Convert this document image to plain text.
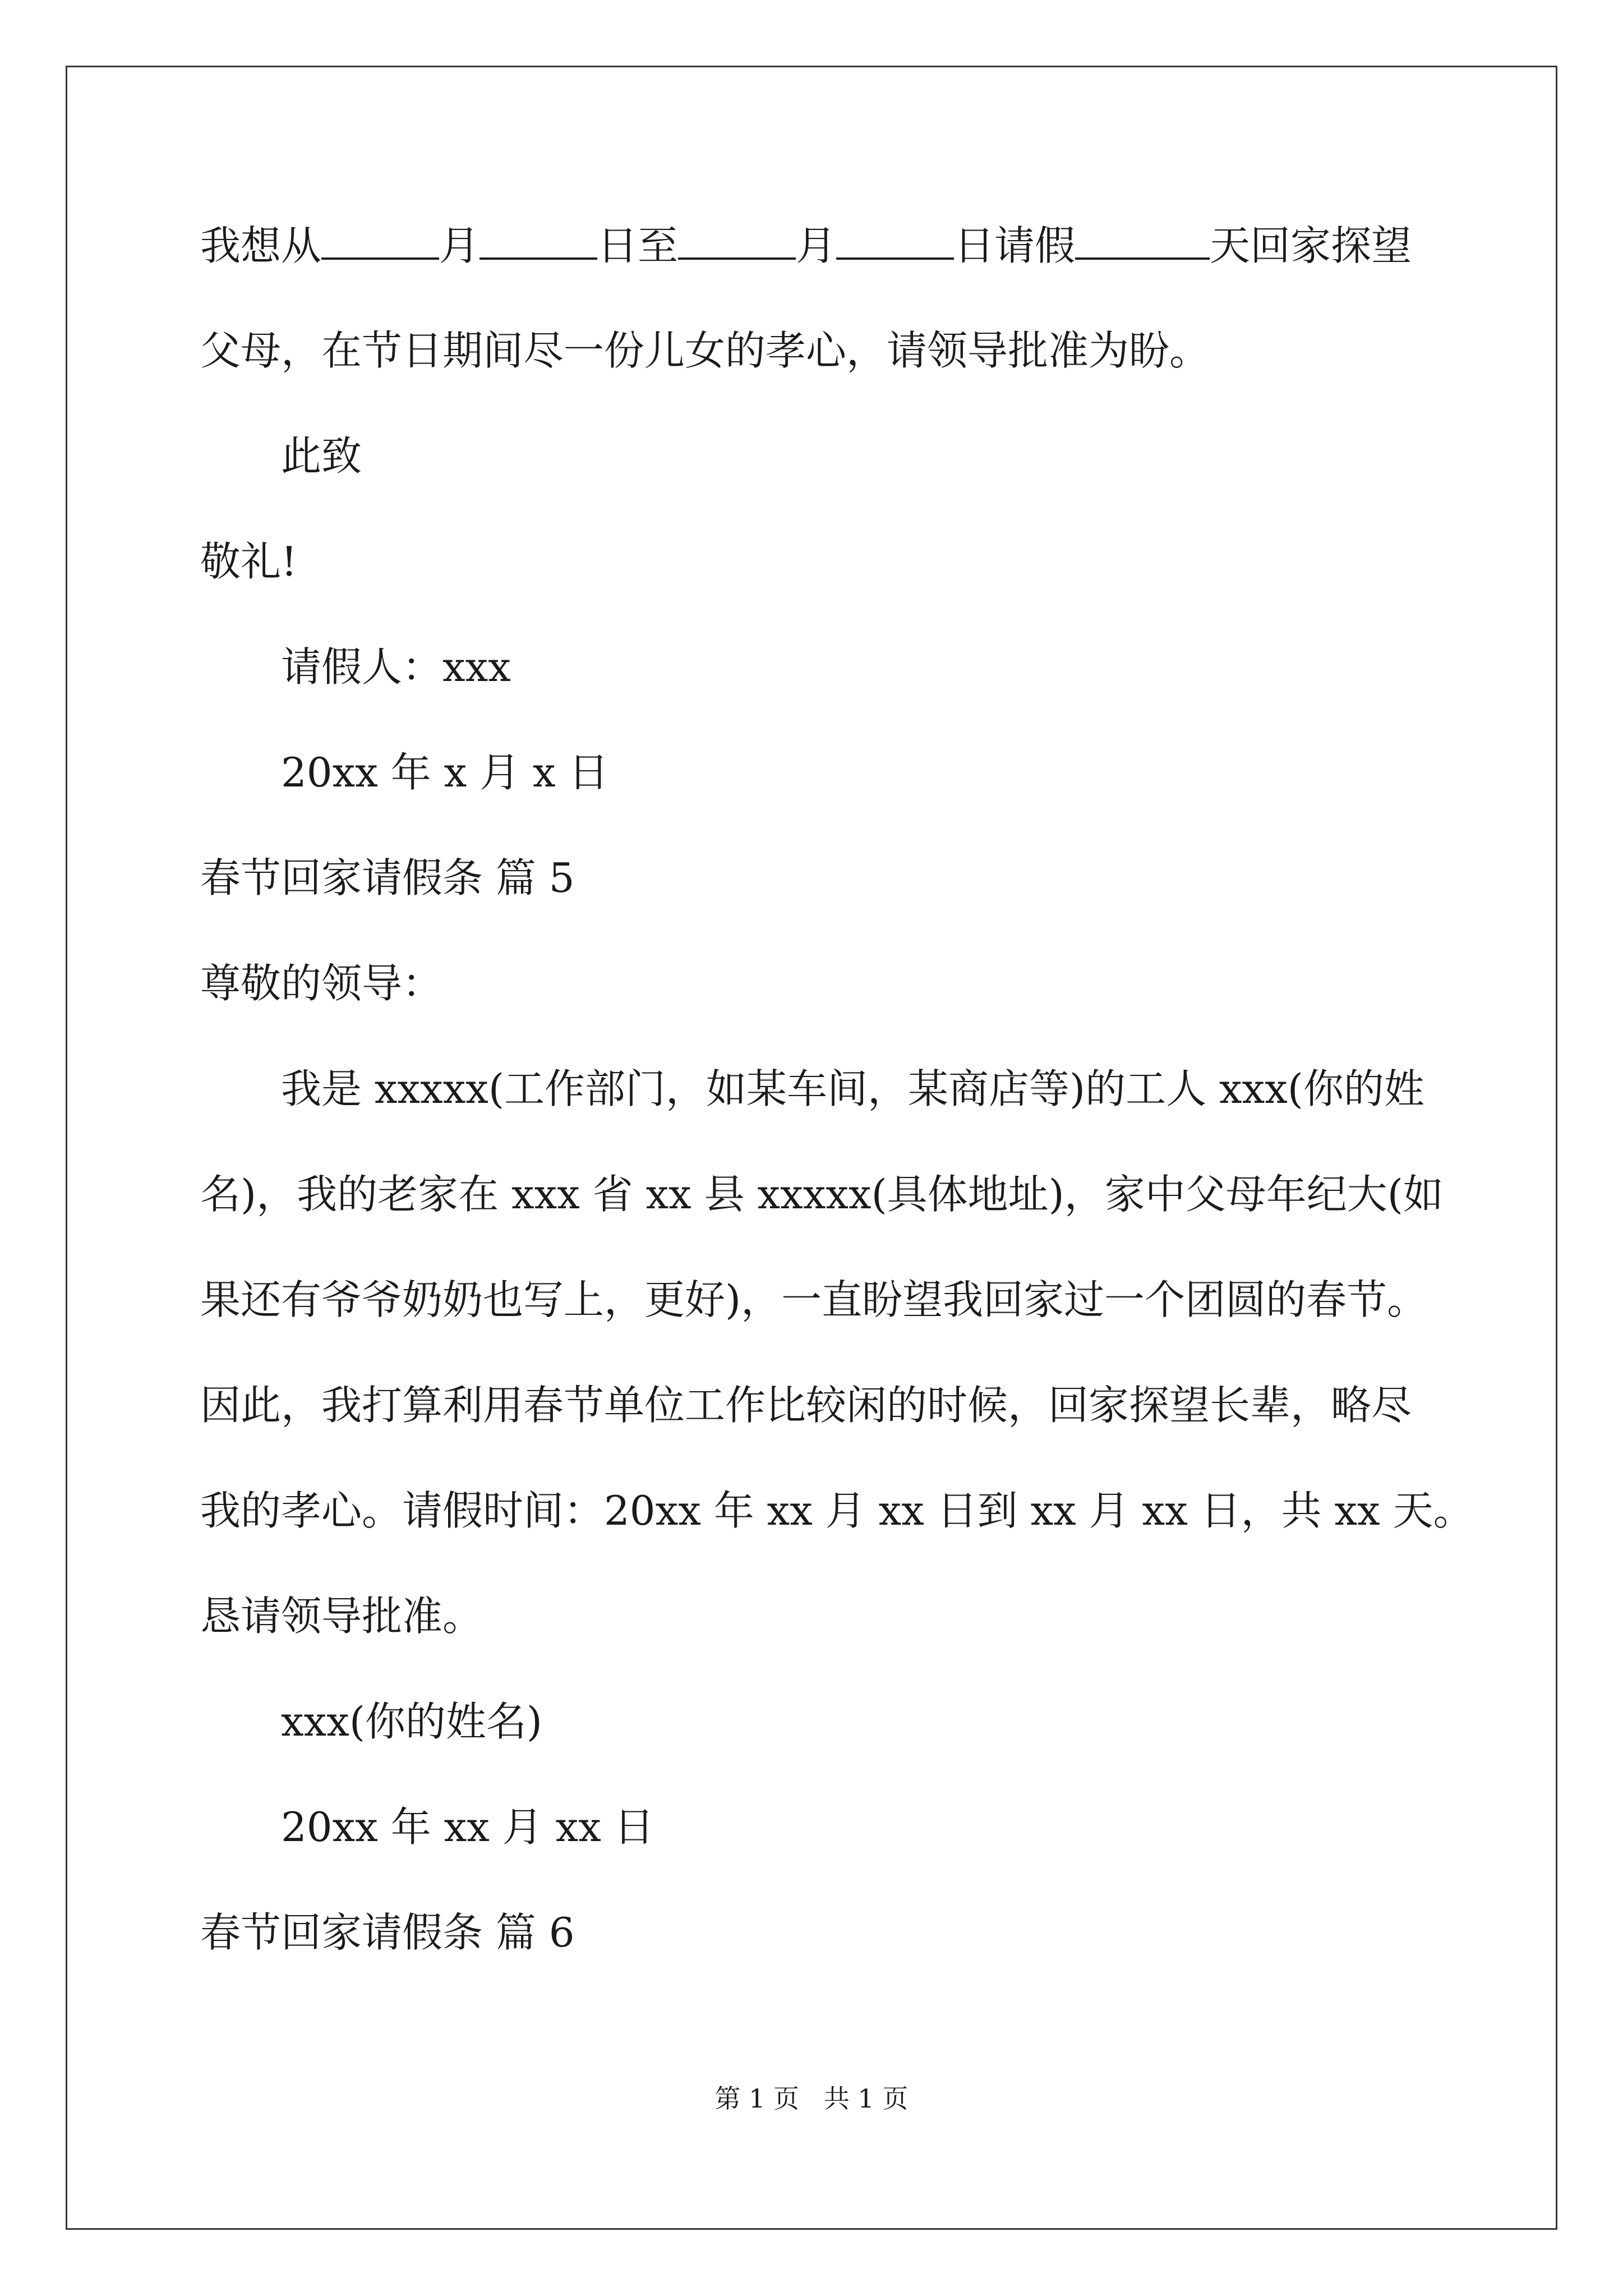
我想从	月	日至	月	日请假	天回家探望
父母，在节日期间尽一份儿女的孝心，请领导批准为盼。
此致
敬礼!
请假人：xxx
20xx 年 x 月 x 日
春节回家请假条 篇 5
尊敬的领导：
我是 xxxxx(工作部门，如某车间，某商店等)的工人 xxx(你的姓
名)，我的老家在 xxx 省 xx 县 xxxxx(具体地址)，家中父母年纪大(如
果还有爷爷奶奶也写上，更好)，一直盼望我回家过一个团圆的春节。
因此，我打算利用春节单位工作比较闲的时候，回家探望长辈，略尽
我的孝心。请假时间：20xx 年 xx 月 xx 日到 xx 月 xx 日，共 xx 天。
恳请领导批准。
xxx(你的姓名)
20xx 年 xx 月 xx 日
春节回家请假条 篇 6
第 1 页   共 1 页
